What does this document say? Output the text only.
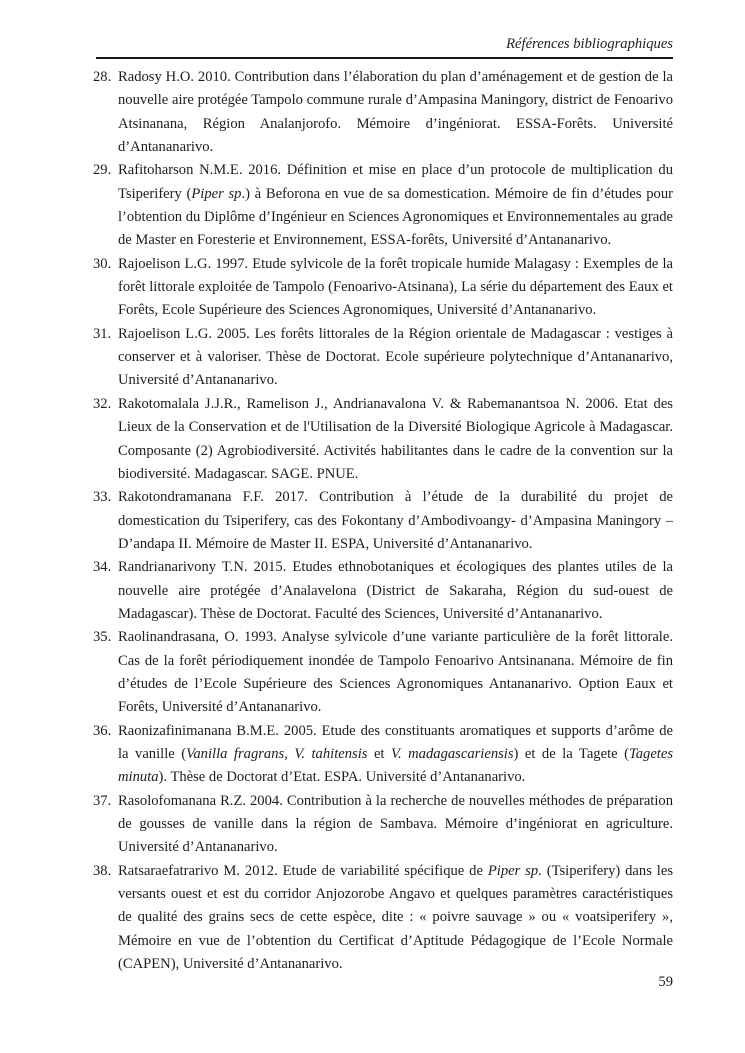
Références bibliographiques
28. Radosy H.O. 2010. Contribution dans l’élaboration du plan d’aménagement et de gestion de la nouvelle aire protégée Tampolo commune rurale d’Ampasina Maningory, district de Fenoarivo Atsinanana, Région Analanjorofo. Mémoire d’ingéniorat. ESSA-Forêts. Université d’Antananarivo.
29. Rafitoharson N.M.E. 2016. Définition et mise en place d’un protocole de multiplication du Tsiperifery (Piper sp.) à Beforona en vue de sa domestication. Mémoire de fin d’études pour l’obtention du Diplôme d’Ingénieur en Sciences Agronomiques et Environnementales au grade de Master en Foresterie et Environnement, ESSA-forêts, Université d’Antananarivo.
30. Rajoelison L.G. 1997. Etude sylvicole de la forêt tropicale humide Malagasy : Exemples de la forêt littorale exploitée de Tampolo (Fenoarivo-Atsinana), La série du département des Eaux et Forêts, Ecole Supérieure des Sciences Agronomiques, Université d’Antananarivo.
31. Rajoelison L.G. 2005. Les forêts littorales de la Région orientale de Madagascar : vestiges à conserver et à valoriser. Thèse de Doctorat. Ecole supérieure polytechnique d’Antananarivo, Université d’Antananarivo.
32. Rakotomalala J.J.R., Ramelison J., Andrianavalona V. & Rabemanantsoa N. 2006. Etat des Lieux de la Conservation et de l'Utilisation de la Diversité Biologique Agricole à Madagascar. Composante (2) Agrobiodiversité. Activités habilitantes dans le cadre de la convention sur la biodiversité. Madagascar. SAGE. PNUE.
33. Rakotondramanana F.F. 2017. Contribution à l’étude de la durabilité du projet de domestication du Tsiperifery, cas des Fokontany d’Ambodivoangy- d’Ampasina Maningory – D’andapa II. Mémoire de Master II. ESPA, Université d’Antananarivo.
34. Randrianarivony T.N. 2015. Etudes ethnobotaniques et écologiques des plantes utiles de la nouvelle aire protégée d’Analavelona (District de Sakaraha, Région du sud-ouest de Madagascar). Thèse de Doctorat. Faculté des Sciences, Université d’Antananarivo.
35. Raolinandrasana, O. 1993. Analyse sylvicole d’une variante particulière de la forêt littorale. Cas de la forêt périodiquement inondée de Tampolo Fenoarivo Antsinanana. Mémoire de fin d’études de l’Ecole Supérieure des Sciences Agronomiques Antananarivo. Option Eaux et Forêts, Université d’Antananarivo.
36. Raonizafinimanana B.M.E. 2005. Etude des constituants aromatiques et supports d’arôme de la vanille (Vanilla fragrans, V. tahitensis et V. madagascariensis) et de la Tagete (Tagetes minuta). Thèse de Doctorat d’Etat. ESPA. Université d’Antananarivo.
37. Rasolofomanana R.Z. 2004. Contribution à la recherche de nouvelles méthodes de préparation de gousses de vanille dans la région de Sambava. Mémoire d’ingéniorat en agriculture. Université d’Antananarivo.
38. Ratsaraefatrarivo M. 2012. Etude de variabilité spécifique de Piper sp. (Tsiperifery) dans les versants ouest et est du corridor Anjozorobe Angavo et quelques paramètres caractéristiques de qualité des grains secs de cette espèce, dite : « poivre sauvage » ou « voatsiperifery », Mémoire en vue de l’obtention du Certificat d’Aptitude Pédagogique de l’Ecole Normale (CAPEN), Université d’Antananarivo.
59
